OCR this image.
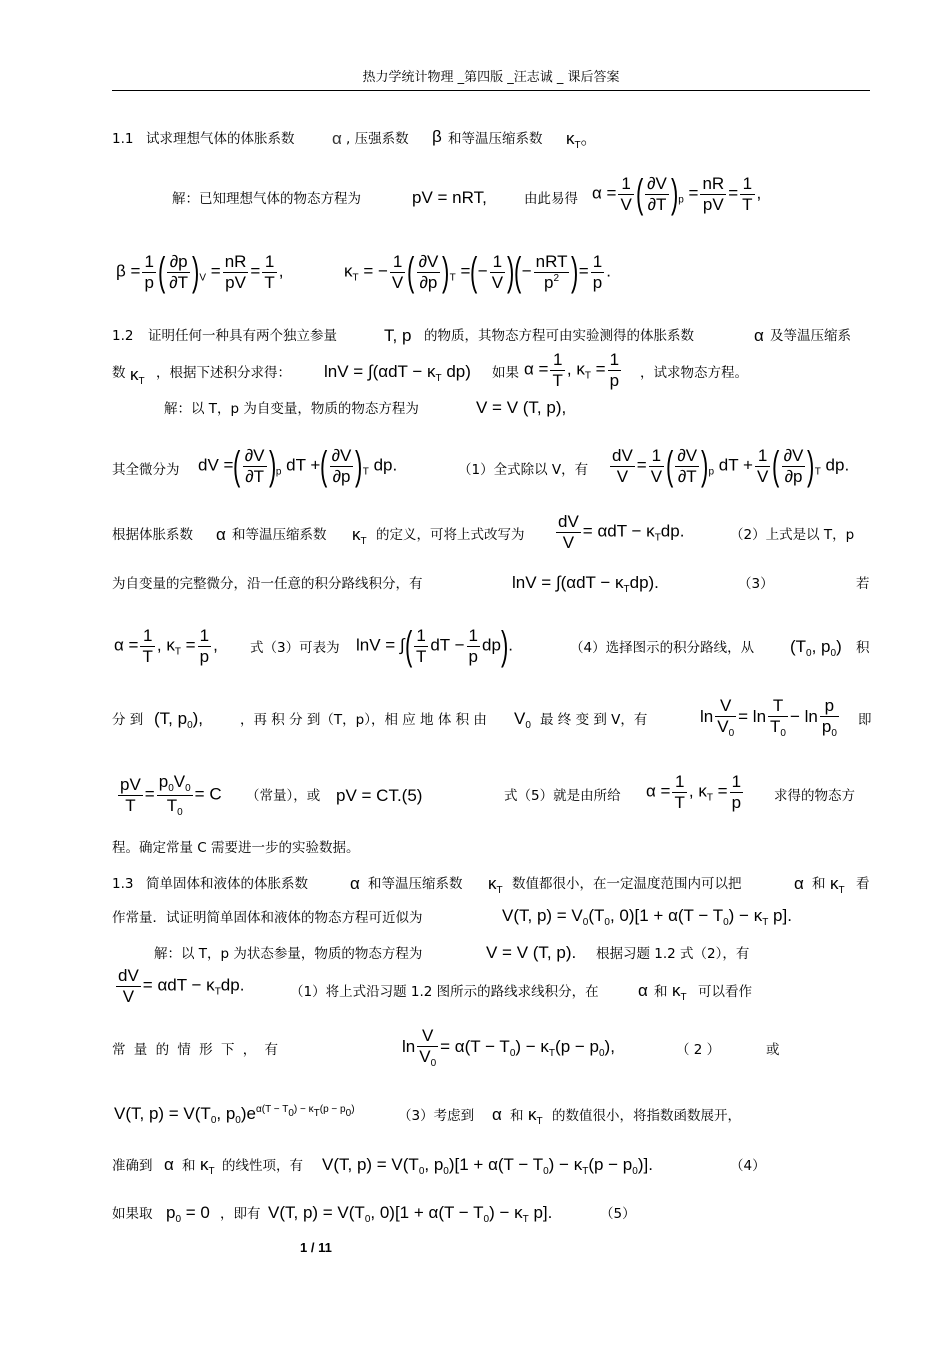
热力学统计物理 _第四版 _汪志诚 _ 课后答案
1.1 试求理想气体的体胀系数 α , 压强系数 β 和等温压缩系数 $\kappa_T$。
解：已知理想气体的物态方程为	pV = nRT,	由此易得 $\alpha = \frac{1}{V}$ ( $\frac{\partial V}{\partial T} )_p = \frac{nR}{pV} = \frac{1}{T}$ ,
$\beta = \frac{1}{p}$ ( $\frac{\partial p}{\partial T} )_V = \frac{nR}{pV} = \frac{1}{T}$ ,	$\kappa_T$ = − $\frac{1}{V}$ ( $\frac{\partial V}{\partial p} )_T$ =(− $\frac{1}{V}$ )(− $\frac{\text{nRT}}{p^2}$ )= $\frac{1}{p}$ .
1.2 证明任何一种具有两个独立参量	T, p 的物质，其物态方程可由实验测得的体胀系数	α 及等温压缩系
数 $\kappa_T$
，根据下述积分求得： $\ln V = \int(\alpha dT - \kappa_T$ dp) 如果 $\alpha = \frac{1}{T}$ , $\kappa_T = \frac{1}{p}$ ，试求物态方程。
解：以 T，p 为自变量，物质的物态方程为	V = V (T, p),
其全微分为 dV =( $\frac{\partial V}{\partial T} )_p$ dT +( $\frac{\partial V}{\partial p} )_T$ dp.	（1）全式除以 V，有 $\frac{dV}{V} = \frac{1}{V}$ ( $\frac{\partial V}{\partial T} )_p$ dT + $\frac{1}{V}$ ( $\frac{\partial V}{\partial p} )_T$ dp.
根据体胀系数 α 和等温压缩系数 $\kappa_T$ 的定义，可将上式改写为 $\frac{dV}{V} = \alpha dT - \kappa_Tdp$.	（2）上式是以 T，p
为自变量的完整微分，沿一任意的积分路线积分，有	$\ln V = \int(\alpha dT - \kappa_Tdp)$.	（3）	若
$\alpha = \frac{1}{T}$ , $\kappa_T = \frac{1}{p}$ , 式（3）可表为 lnV = ∫( $\frac{1}{T}$ dT − $\frac{1}{p} dp$).	（4）选择图示的积分路线，从 ($T_0$, $p_0$) 积
分 到 (T, $p_0$),	，再 积 分 到（T，p），相 应 地 体 积 由 $V_0$ 最 终 变 到 V，有	$\ln \frac{V}{V_0} = \ln \frac{T}{T_0} - \ln \frac{p}{p_0}$ 即
$\frac{pV}{T} = \frac{p_0V_0}{T_0} = C$ （常量），或 pV = CT.(5)	式（5）就是由所给 $\alpha = \frac{1}{T}$ , $\kappa_T = \frac{1}{p}$ 求得的物态方
程。确定常量 C 需要进一步的实验数据。
1.3 简单固体和液体的体胀系数 α 和等温压缩系数 $\kappa_T$ 数值都很小，在一定温度范围内可以把	α 和 $\kappa_T$ 看
作常量．试证明简单固体和液体的物态方程可近似为	V(T, $p) = V_0(T_0$, $0)[1 + \alpha(T - T_0) - \kappa_T$ p].
解：以 T，p 为状态参量，物质的物态方程为	V = V (T, p). 根据习题 1.2 式（2），有
$\frac{dV}{V} = \alpha dT - \kappa_Tdp$.	（1）将上式沿习题 1.2 图所示的路线求线积分，在 α 和 $\kappa_T$ 可以看作
常 量 的 情 形 下 ， 有	$\ln \frac{V}{V_0} = \alpha(T - T_0) - \kappa_T(p - p_0)$,	（ 2 ）	或
V(T, $p) = V(T_0$, $p_0)e^{\alpha(T - T0) - \kappa T(p - p0)}$	（3）考虑到 α 和 $\kappa_T$ 的数值很小，将指数函数展开，
准确到 α 和 $\kappa_T$ 的线性项，有 V(T, $p) = V(T_0$, $p_0)[1 + \alpha(T - T_0) - \kappa_T(p - p_0)]$.	（4）
如果取 $p_0 = 0$ ，即有 V(T, $p) = V(T_0$, $0)[1 + \alpha(T - T_0) - \kappa_T$ p].	（5）
1 / 11
